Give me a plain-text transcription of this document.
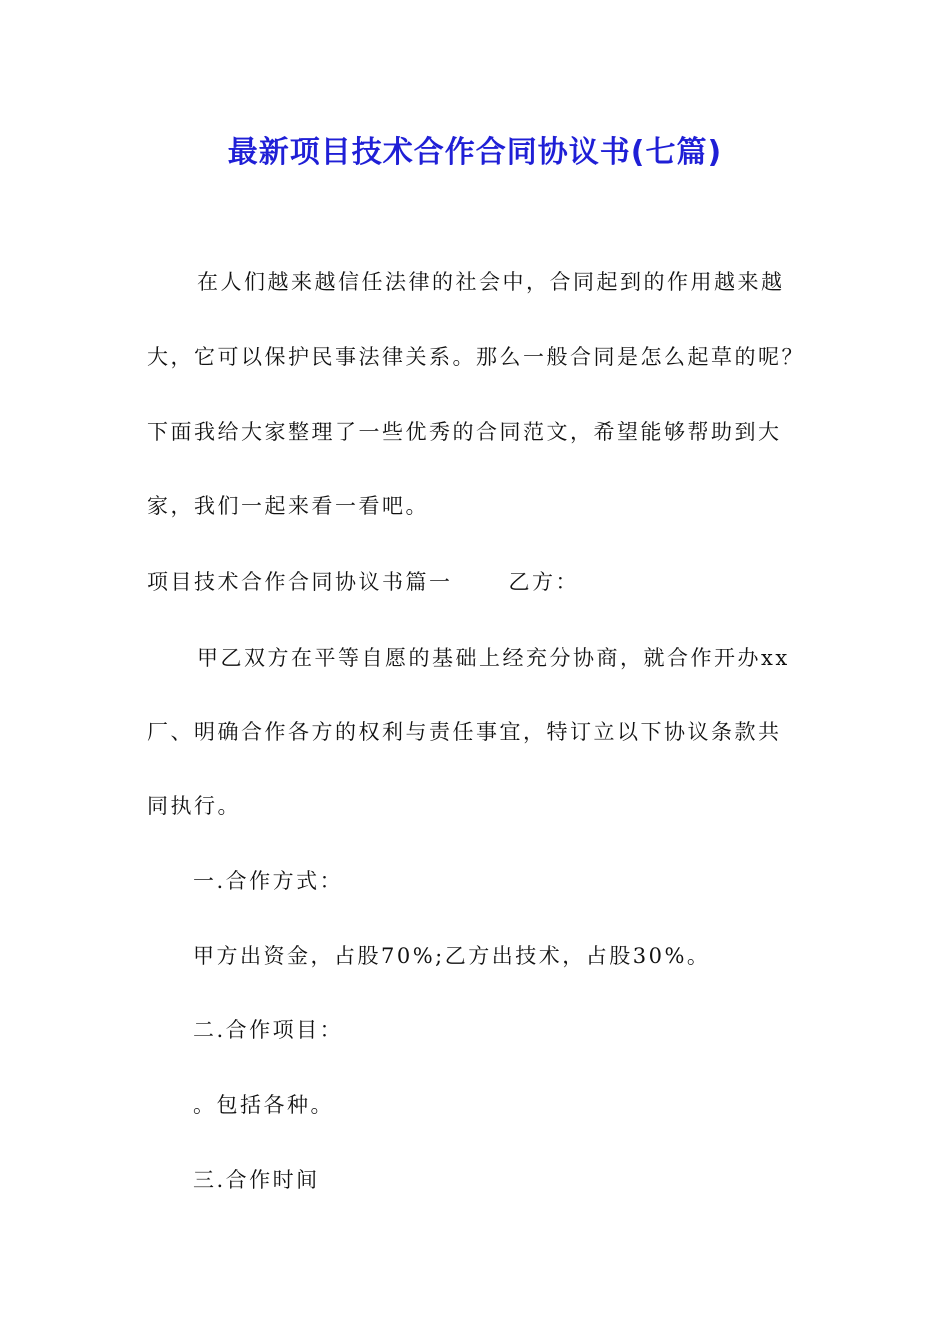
最新项目技术合作合同协议书(七篇)
在人们越来越信任法律的社会中，合同起到的作用越来越
大，它可以保护民事法律关系。那么一般合同是怎么起草的呢？
下面我给大家整理了一些优秀的合同范文，希望能够帮助到大
家，我们一起来看一看吧。
项目技术合作合同协议书篇一	乙方：
甲乙双方在平等自愿的基础上经充分协商，就合作开办xx
厂、明确合作各方的权利与责任事宜，特订立以下协议条款共
同执行。
一.合作方式：
甲方出资金，占股70%;乙方出技术，占股30%。
二.合作项目：
。包括各种。
三.合作时间
